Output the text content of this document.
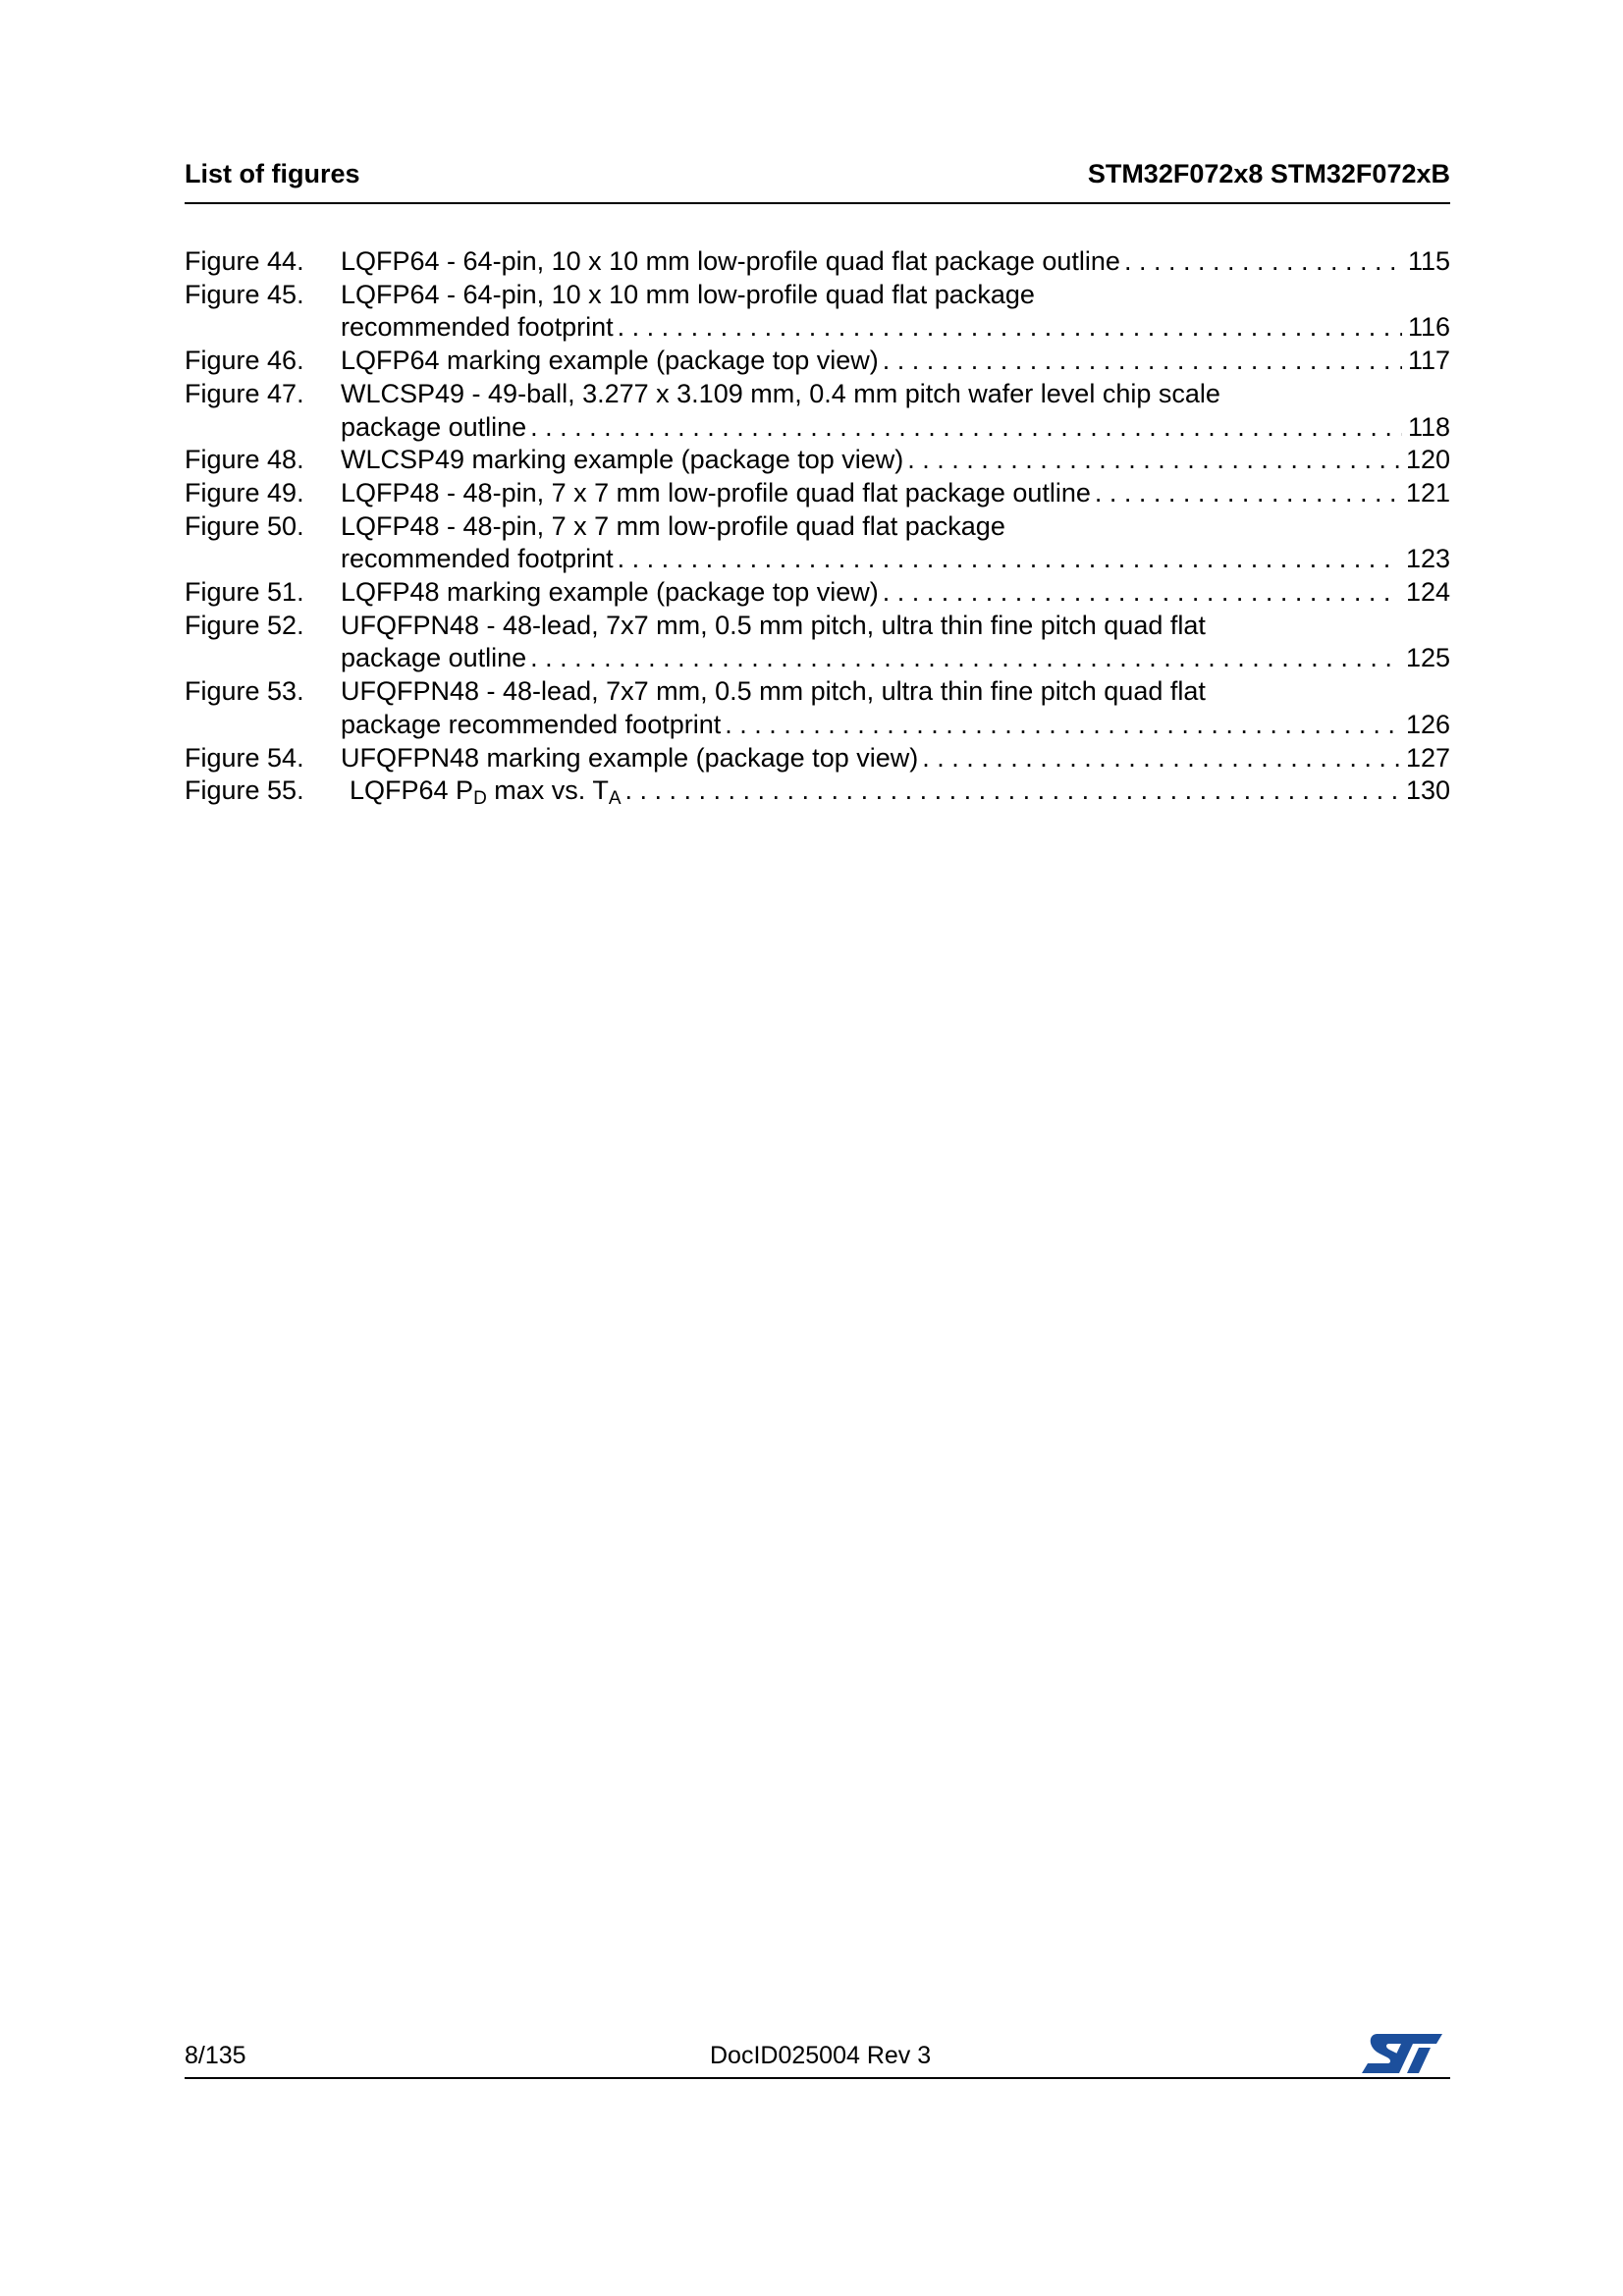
List of figures	STM32F072x8 STM32F072xB
Figure 44. LQFP64 - 64-pin, 10 x 10 mm low-profile quad flat package outline . . .	115
Figure 45. LQFP64 - 64-pin, 10 x 10 mm low-profile quad flat package
recommended footprint . . .	116
Figure 46. LQFP64 marking example (package top view) . . .	117
Figure 47. WLCSP49 - 49-ball, 3.277 x 3.109 mm, 0.4 mm pitch wafer level chip scale
package outline . . .	118
Figure 48. WLCSP49 marking example (package top view) . . .	120
Figure 49. LQFP48 - 48-pin, 7 x 7 mm low-profile quad flat package outline . . .	121
Figure 50. LQFP48 - 48-pin, 7 x 7 mm low-profile quad flat package
recommended footprint . . .	123
Figure 51. LQFP48 marking example (package top view) . . .	124
Figure 52. UFQFPN48 - 48-lead, 7x7 mm, 0.5 mm pitch, ultra thin fine pitch quad flat
package outline . . .	125
Figure 53. UFQFPN48 - 48-lead, 7x7 mm, 0.5 mm pitch, ultra thin fine pitch quad flat
package recommended footprint . . .	126
Figure 54. UFQFPN48 marking example (package top view) . . .	127
Figure 55. LQFP64 $P_D$ max vs. $T_A$ . . .	130
8/135	DocID025004 Rev 3
